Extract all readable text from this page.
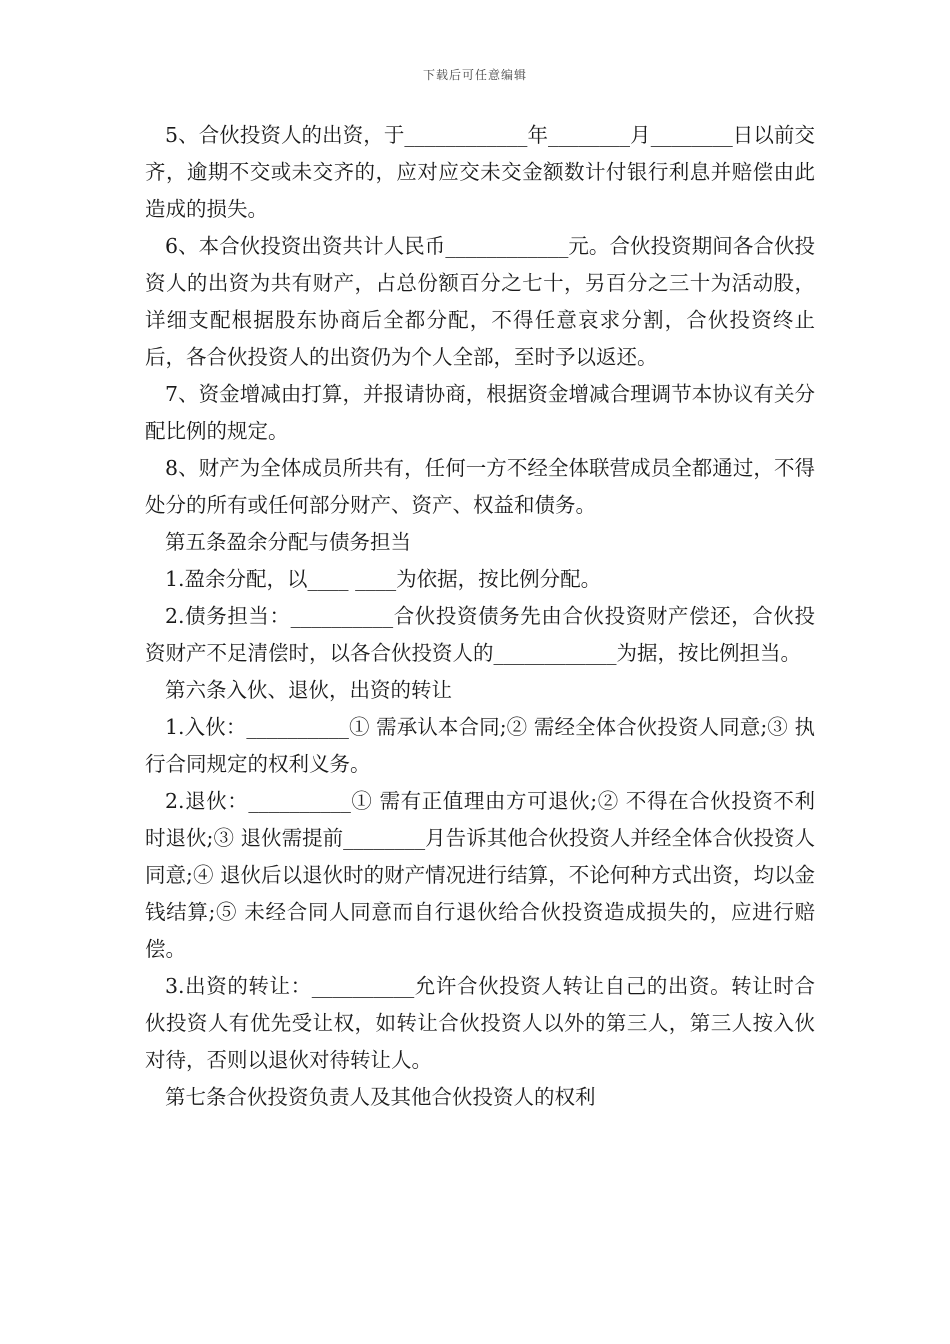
下载后可任意编辑

5、合伙投资人的出资，于____________年________月________日以前交齐，逾期不交或未交齐的，应对应交未交金额数计付银行利息并赔偿由此造成的损失。

6、本合伙投资出资共计人民币____________元。合伙投资期间各合伙投资人的出资为共有财产，占总份额百分之七十，另百分之三十为活动股，详细支配根据股东协商后全都分配，不得任意哀求分割，合伙投资终止后，各合伙投资人的出资仍为个人全部，至时予以返还。

7、资金增减由打算，并报请协商，根据资金增减合理调节本协议有关分配比例的规定。

8、财产为全体成员所共有，任何一方不经全体联营成员全都通过，不得处分的所有或任何部分财产、资产、权益和债务。

第五条盈余分配与债务担当

1.盈余分配，以____ ____为依据，按比例分配。

2.债务担当：__________合伙投资债务先由合伙投资财产偿还，合伙投资财产不足清偿时，以各合伙投资人的____________为据，按比例担当。

第六条入伙、退伙，出资的转让

1.入伙：__________① 需承认本合同;② 需经全体合伙投资人同意;③ 执行合同规定的权利义务。

2.退伙：__________① 需有正值理由方可退伙;② 不得在合伙投资不利时退伙;③ 退伙需提前________月告诉其他合伙投资人并经全体合伙投资人同意;④ 退伙后以退伙时的财产情况进行结算，不论何种方式出资，均以金钱结算;⑤ 未经合同人同意而自行退伙给合伙投资造成损失的，应进行赔偿。

3.出资的转让：__________允许合伙投资人转让自己的出资。转让时合伙投资人有优先受让权，如转让合伙投资人以外的第三人，第三人按入伙对待，否则以退伙对待转让人。

第七条合伙投资负责人及其他合伙投资人的权利
